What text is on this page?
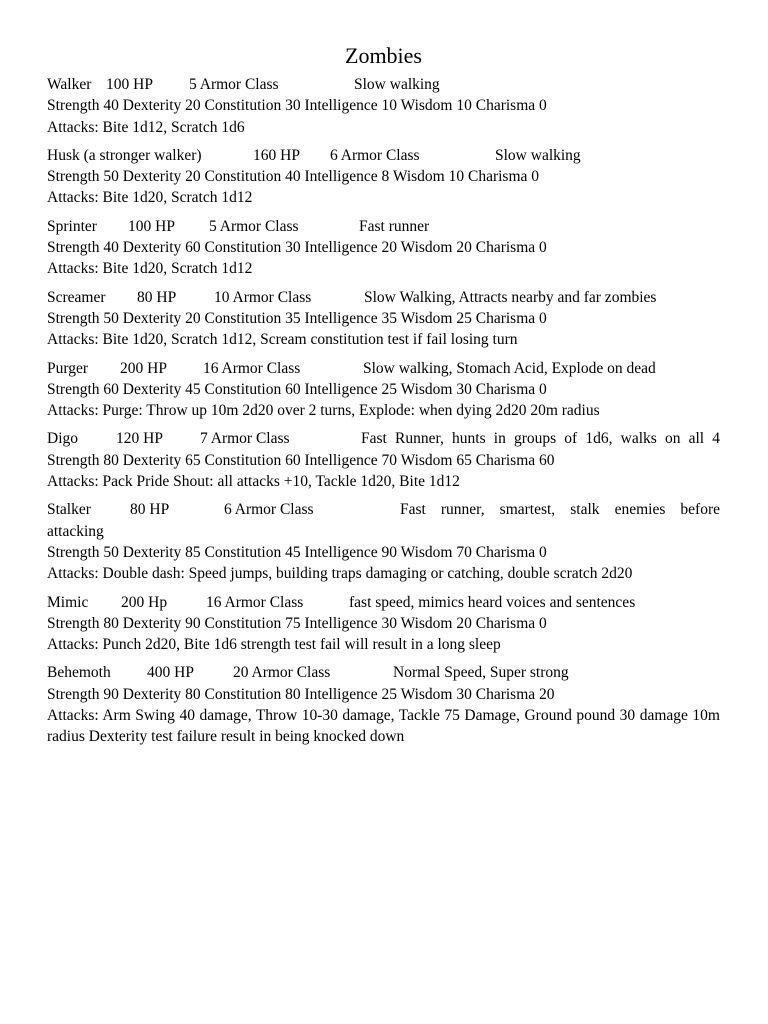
Zombies
Walker 100 HP	5 Armor Class	Slow walking
Strength 40 Dexterity 20 Constitution 30 Intelligence 10 Wisdom 10 Charisma 0
Attacks: Bite 1d12, Scratch 1d6
Husk (a stronger walker)	160 HP	6 Armor Class	Slow walking
Strength 50 Dexterity 20 Constitution 40 Intelligence 8 Wisdom 10 Charisma 0
Attacks: Bite 1d20, Scratch 1d12
Sprinter	100 HP	5 Armor Class	Fast runner
Strength 40 Dexterity 60 Constitution 30 Intelligence 20 Wisdom 20 Charisma 0
Attacks: Bite 1d20, Scratch 1d12
Screamer	80 HP	10 Armor Class	Slow Walking, Attracts nearby and far zombies
Strength 50 Dexterity 20 Constitution 35 Intelligence 35 Wisdom 25 Charisma 0
Attacks: Bite 1d20, Scratch 1d12, Scream constitution test if fail losing turn
Purger	200 HP	16 Armor Class	Slow walking, Stomach Acid, Explode on dead
Strength 60 Dexterity 45 Constitution 60 Intelligence 25 Wisdom 30 Charisma 0
Attacks: Purge: Throw up 10m 2d20 over 2 turns, Explode: when dying 2d20 20m radius
Digo	120 HP	7 Armor Class	Fast Runner, hunts in groups of 1d6, walks on all 4
Strength 80 Dexterity 65 Constitution 60 Intelligence 70 Wisdom 65 Charisma 60
Attacks: Pack Pride Shout: all attacks +10, Tackle 1d20, Bite 1d12
Stalker	80 HP	6 Armor Class	Fast runner, smartest, stalk enemies before
attacking
Strength 50 Dexterity 85 Constitution 45 Intelligence 90 Wisdom 70 Charisma 0
Attacks: Double dash: Speed jumps, building traps damaging or catching, double scratch 2d20
Mimic	200 Hp	16 Armor Class	fast speed, mimics heard voices and sentences
Strength 80 Dexterity 90 Constitution 75 Intelligence 30 Wisdom 20 Charisma 0
Attacks: Punch 2d20, Bite 1d6 strength test fail will result in a long sleep
Behemoth	400 HP	20 Armor Class	Normal Speed, Super strong
Strength 90 Dexterity 80 Constitution 80 Intelligence 25 Wisdom 30 Charisma 20
Attacks: Arm Swing 40 damage, Throw 10-30 damage, Tackle 75 Damage, Ground pound 30 damage 10m radius Dexterity test failure result in being knocked down
